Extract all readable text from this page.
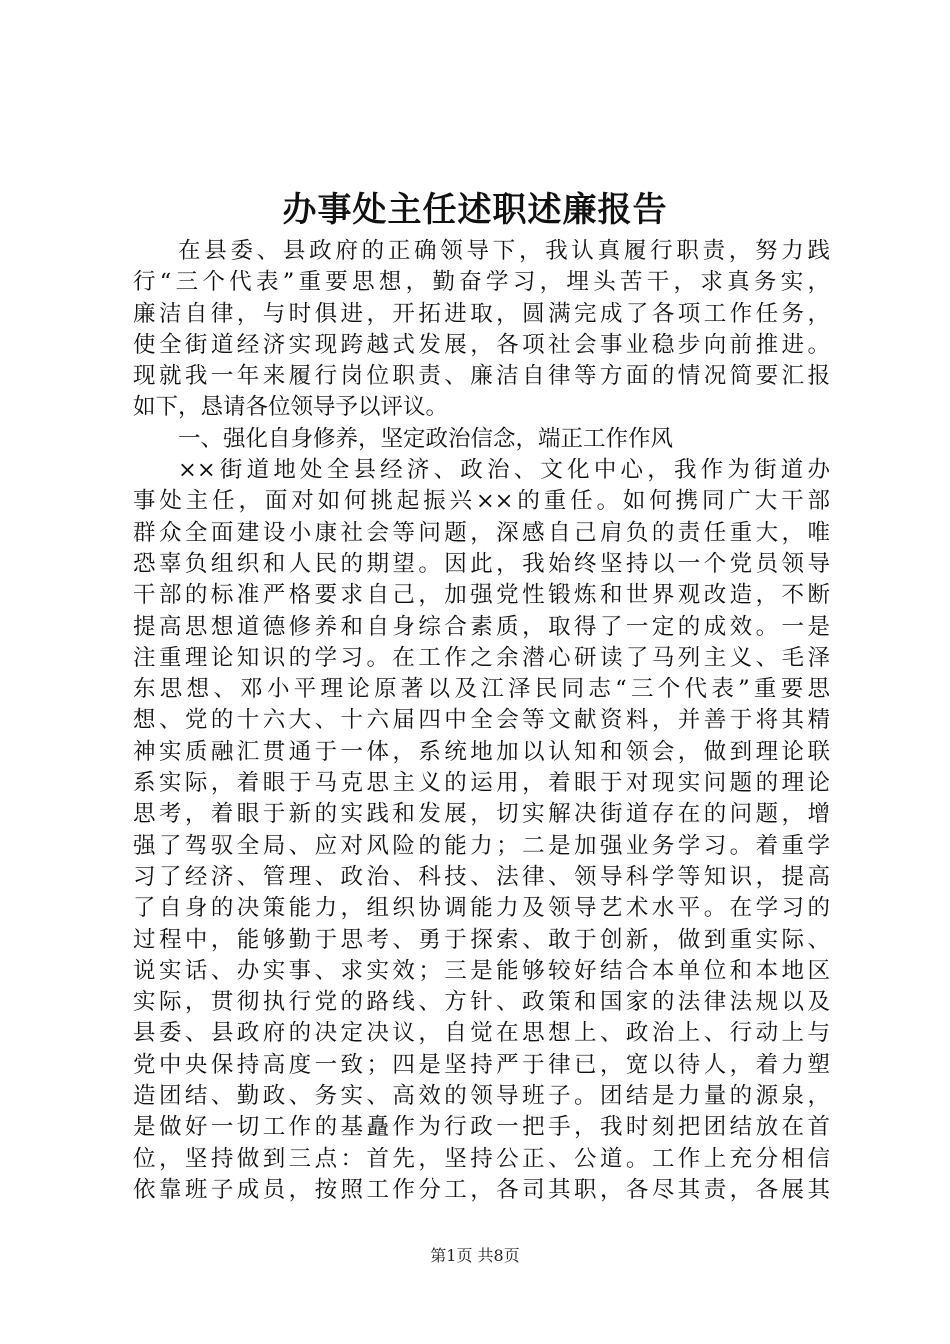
办事处主任述职述廉报告
在县委、县政府的正确领导下，我认真履行职责，努力践
行“三个代表”重要思想，勤奋学习，埋头苦干，求真务实，
廉洁自律，与时俱进，开拓进取，圆满完成了各项工作任务，
使全街道经济实现跨越式发展，各项社会事业稳步向前推进。
现就我一年来履行岗位职责、廉洁自律等方面的情况简要汇报
如下，恳请各位领导予以评议。
一、强化自身修养，坚定政治信念，端正工作作风
××街道地处全县经济、政治、文化中心，我作为街道办
事处主任，面对如何挑起振兴××的重任。如何携同广大干部
群众全面建设小康社会等问题，深感自己肩负的责任重大，唯
恐辜负组织和人民的期望。因此，我始终坚持以一个党员领导
干部的标准严格要求自己，加强党性锻炼和世界观改造，不断
提高思想道德修养和自身综合素质，取得了一定的成效。一是
注重理论知识的学习。在工作之余潜心研读了马列主义、毛泽
东思想、邓小平理论原著以及江泽民同志“三个代表”重要思
想、党的十六大、十六届四中全会等文献资料，并善于将其精
神实质融汇贯通于一体，系统地加以认知和领会，做到理论联
系实际，着眼于马克思主义的运用，着眼于对现实问题的理论
思考，着眼于新的实践和发展，切实解决街道存在的问题，增
强了驾驭全局、应对风险的能力；二是加强业务学习。着重学
习了经济、管理、政治、科技、法律、领导科学等知识，提高
了自身的决策能力，组织协调能力及领导艺术水平。在学习的
过程中，能够勤于思考、勇于探索、敢于创新，做到重实际、
说实话、办实事、求实效；三是能够较好结合本单位和本地区
实际，贯彻执行党的路线、方针、政策和国家的法律法规以及
县委、县政府的决定决议，自觉在思想上、政治上、行动上与
党中央保持高度一致；四是坚持严于律已，宽以待人，着力塑
造团结、勤政、务实、高效的领导班子。团结是力量的源泉，
是做好一切工作的基矗作为行政一把手，我时刻把团结放在首
位，坚持做到三点：首先，坚持公正、公道。工作上充分相信
依靠班子成员，按照工作分工，各司其职，各尽其责，各展其
第1页 共8页
